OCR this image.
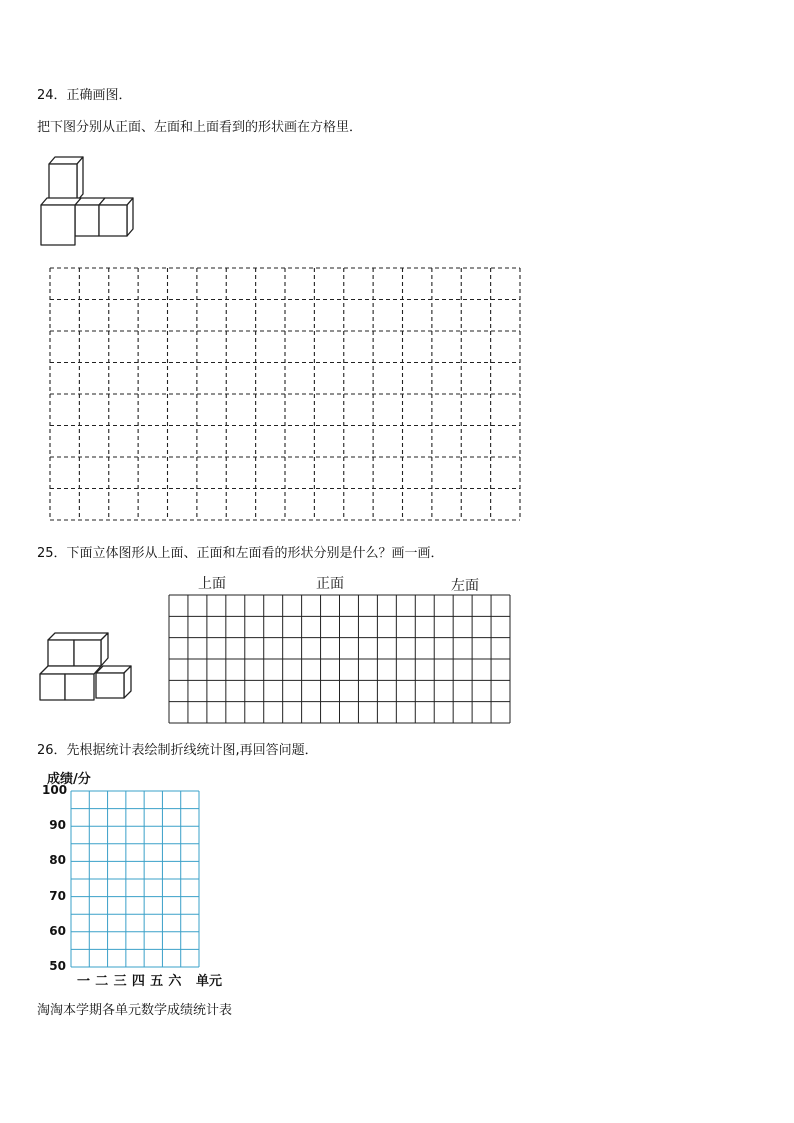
24．正确画图．
把下图分别从正面、左面和上面看到的形状画在方格里．
25．下面立体图形从上面、正面和左面看的形状分别是什么？画一画．
上面	正面	左面
26．先根据统计表绘制折线统计图,再回答问题．
成绩/分
100
90
80
70
60
50
一 二 三 四 五 六 单元
淘淘本学期各单元数学成绩统计表
